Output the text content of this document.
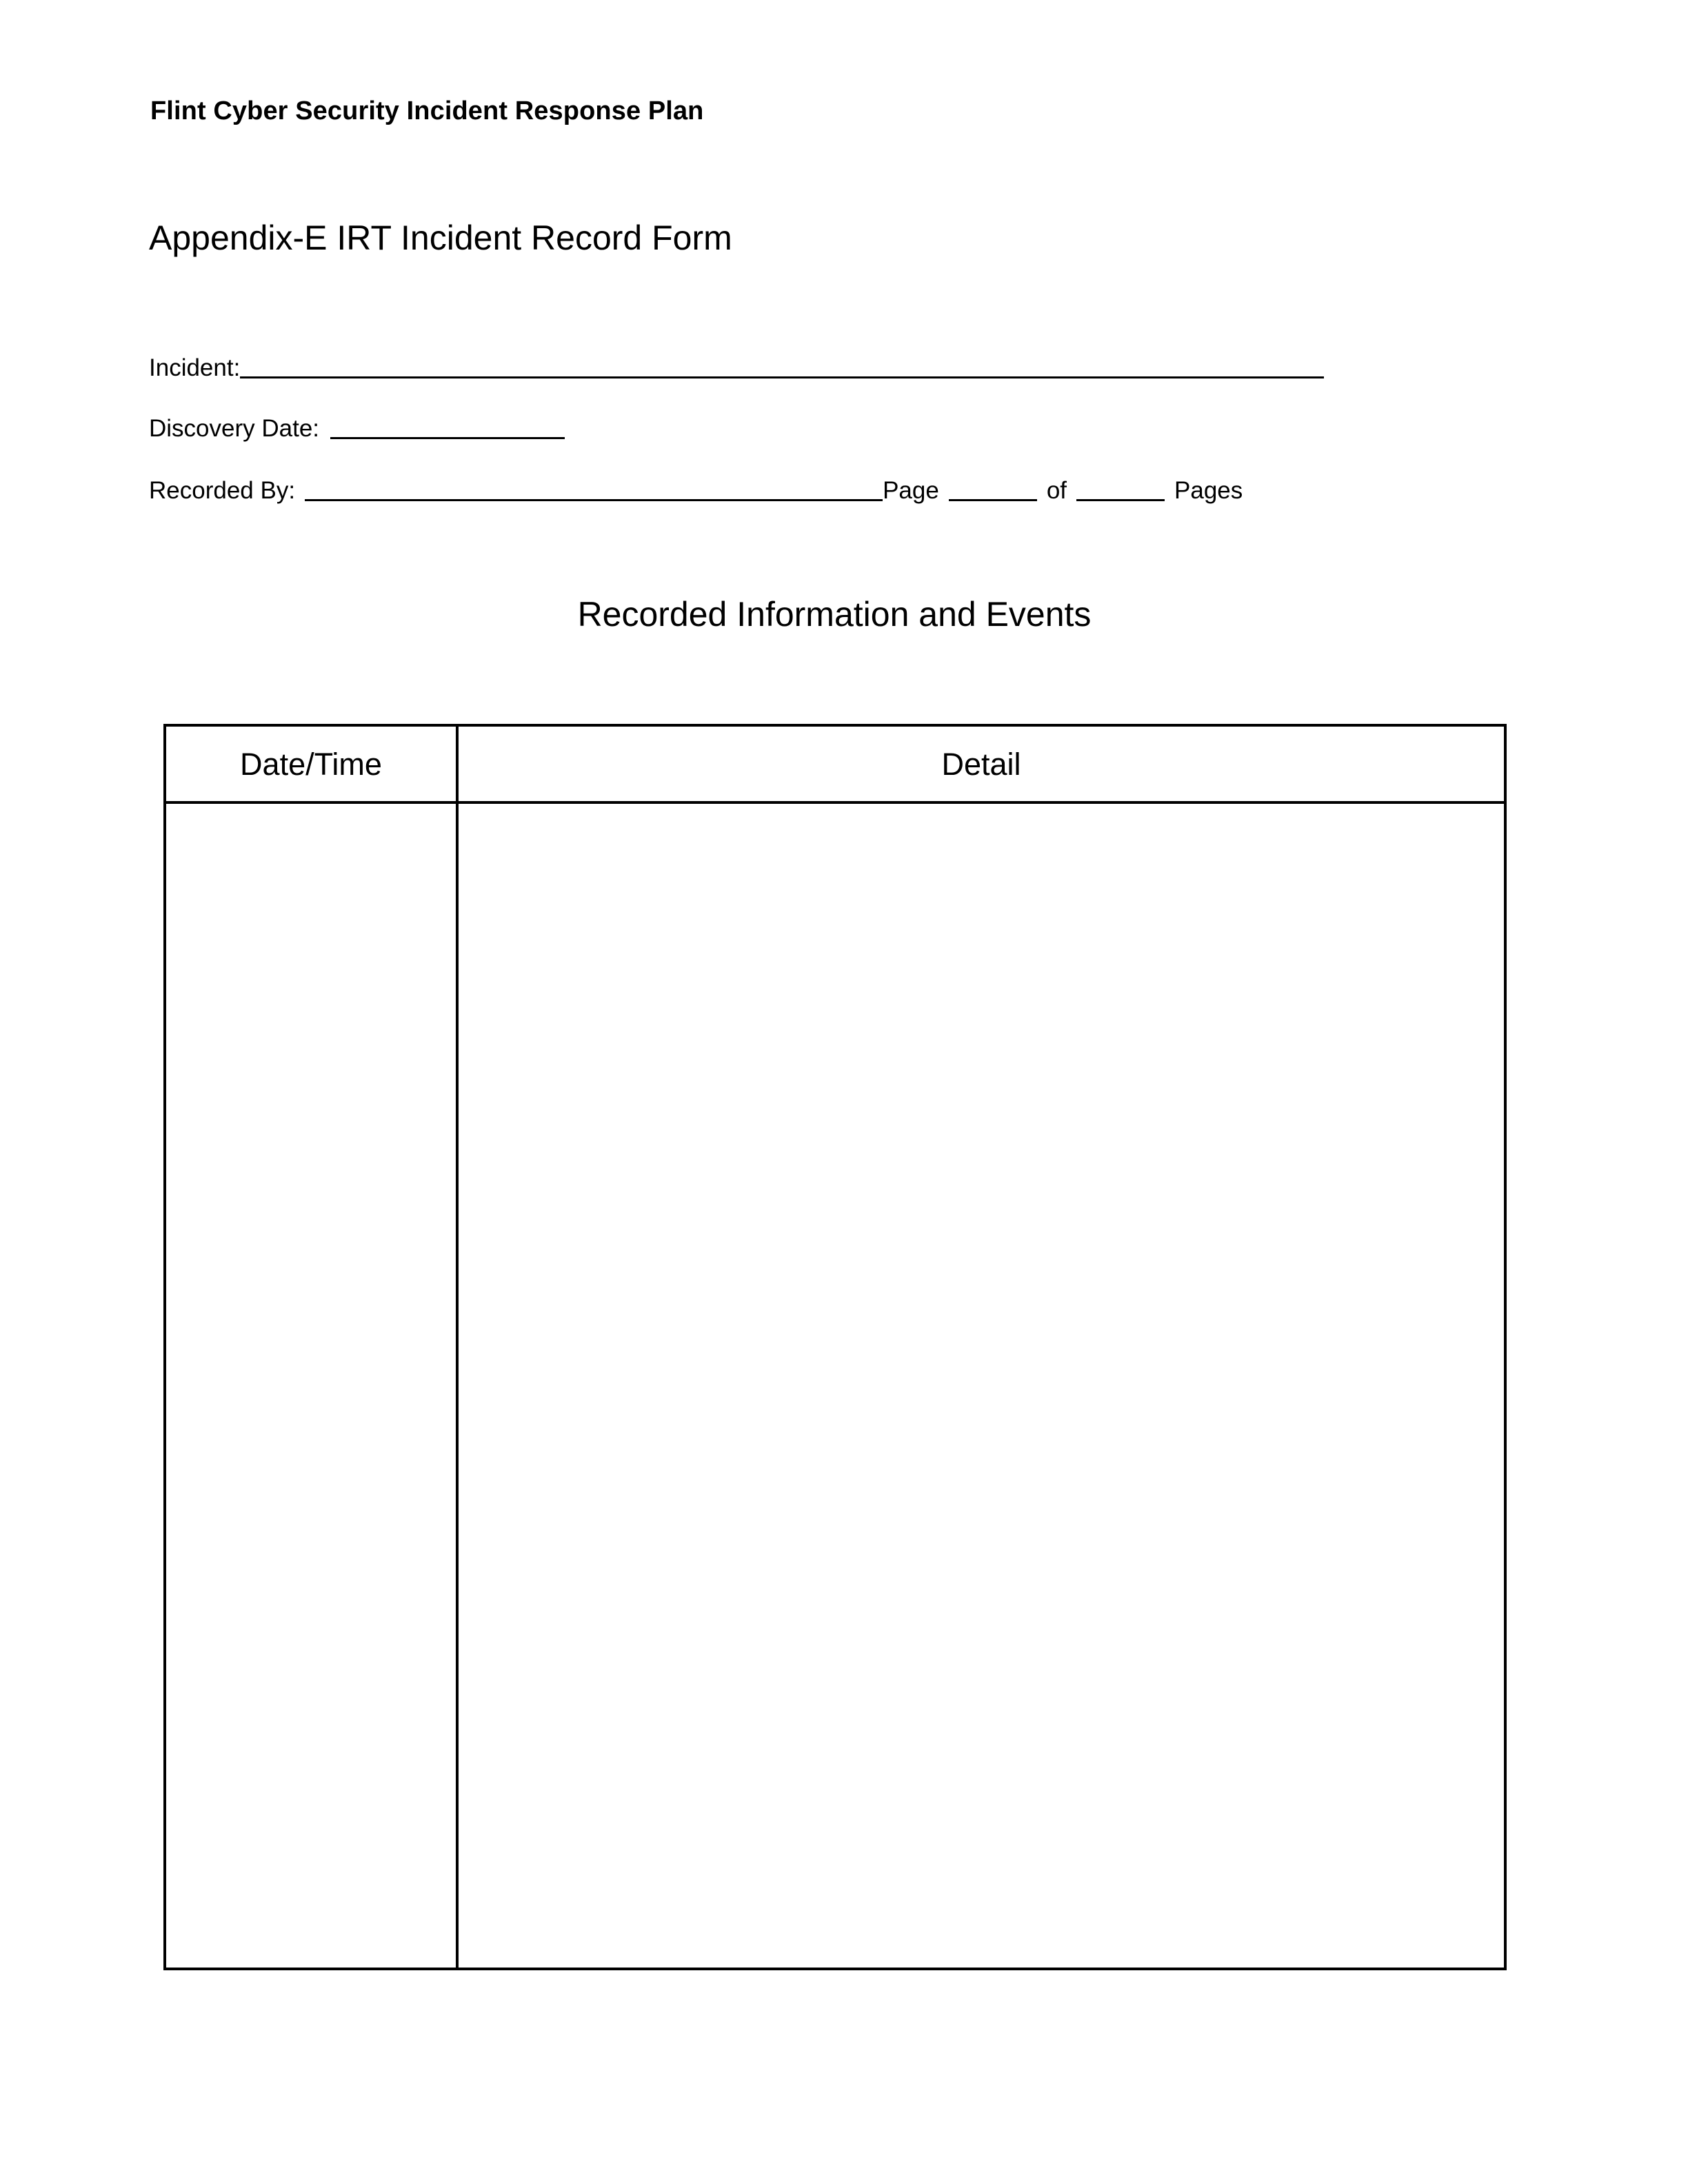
Flint Cyber Security Incident Response Plan
Appendix-E IRT Incident Record Form
Incident:
Discovery Date:
Recorded By:	Page	of	Pages
Recorded Information and Events
Date/Time	Detail
